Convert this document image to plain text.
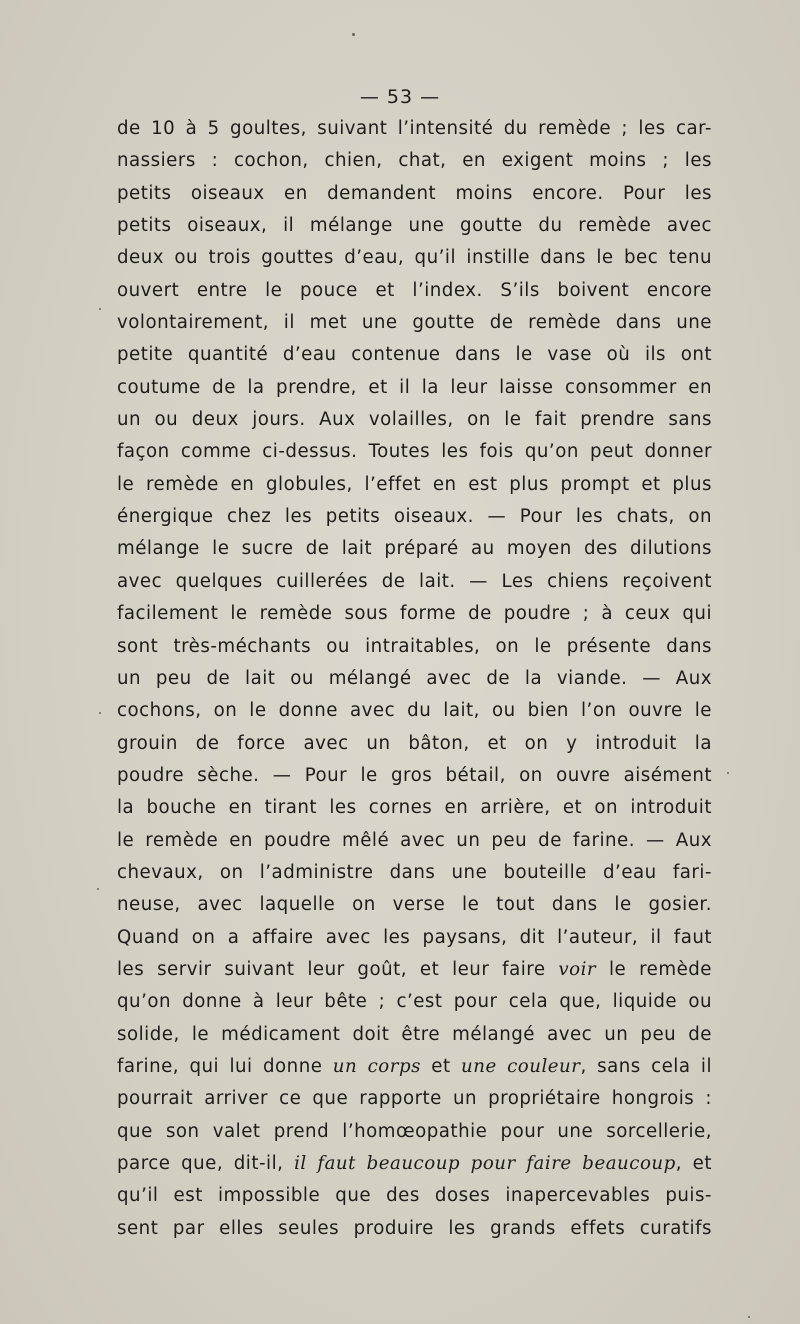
— 53 —
de 10 à 5 goultes, suivant l’intensité du remède ; les car-
nassiers : cochon, chien, chat, en exigent moins ; les
petits oiseaux en demandent moins encore. Pour les
petits oiseaux, il mélange une goutte du remède avec
deux ou trois gouttes d’eau, qu’il instille dans le bec tenu
ouvert entre le pouce et l’index. S’ils boivent encore
volontairement, il met une goutte de remède dans une
petite quantité d’eau contenue dans le vase où ils ont
coutume de la prendre, et il la leur laisse consommer en
un ou deux jours. Aux volailles, on le fait prendre sans
façon comme ci-dessus. Toutes les fois qu’on peut donner
le remède en globules, l’effet en est plus prompt et plus
énergique chez les petits oiseaux. — Pour les chats, on
mélange le sucre de lait préparé au moyen des dilutions
avec quelques cuillerées de lait. — Les chiens reçoivent
facilement le remède sous forme de poudre ; à ceux qui
sont très-méchants ou intraitables, on le présente dans
un peu de lait ou mélangé avec de la viande. — Aux
cochons, on le donne avec du lait, ou bien l’on ouvre le
grouin de force avec un bâton, et on y introduit la
poudre sèche. — Pour le gros bétail, on ouvre aisément
la bouche en tirant les cornes en arrière, et on introduit
le remède en poudre mêlé avec un peu de farine. — Aux
chevaux, on l’administre dans une bouteille d’eau fari-
neuse, avec laquelle on verse le tout dans le gosier.
Quand on a affaire avec les paysans, dit l’auteur, il faut
les servir suivant leur goût, et leur faire voir le remède
qu’on donne à leur bête ; c’est pour cela que, liquide ou
solide, le médicament doit être mélangé avec un peu de
farine, qui lui donne un corps et une couleur, sans cela il
pourrait arriver ce que rapporte un propriétaire hongrois :
que son valet prend l’homœopathie pour une sorcellerie,
parce que, dit-il, il faut beaucoup pour faire beaucoup, et
qu’il est impossible que des doses inapercevables puis-
sent par elles seules produire les grands effets curatifs
